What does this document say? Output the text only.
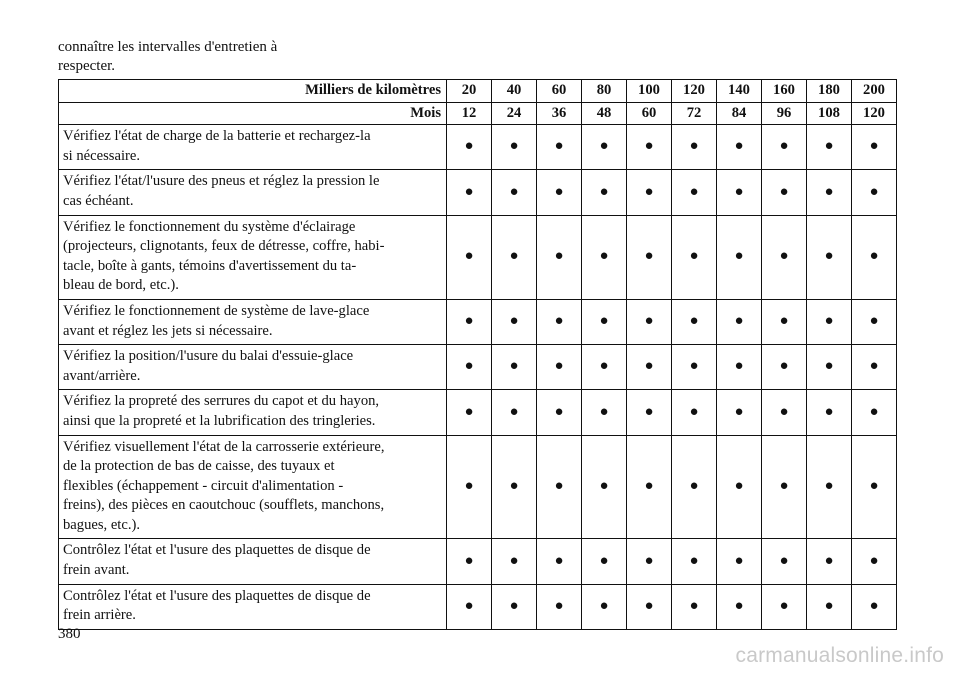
connaître les intervalles d'entretien à
respecter.
Milliers de kilomètres	20	40	60	80	100	120	140	160	180	200
Mois	12	24	36	48	60	72	84	96	108	120

Vérifiez l'état de charge de la batterie et rechargez-la
si nécessaire.	●	●	●	●	●	●	●	●	●	●

Vérifiez l'état/l'usure des pneus et réglez la pression le
cas échéant.	●	●	●	●	●	●	●	●	●	●

Vérifiez le fonctionnement du système d'éclairage
(projecteurs, clignotants, feux de détresse, coffre, habi-
tacle, boîte à gants, témoins d'avertissement du ta-
bleau de bord, etc.).	●	●	●	●	●	●	●	●	●	●

Vérifiez le fonctionnement de système de lave-glace
avant et réglez les jets si nécessaire.	●	●	●	●	●	●	●	●	●	●

Vérifiez la position/l'usure du balai d'essuie-glace
avant/arrière.	●	●	●	●	●	●	●	●	●	●

Vérifiez la propreté des serrures du capot et du hayon,
ainsi que la propreté et la lubrification des tringleries.	●	●	●	●	●	●	●	●	●	●

Vérifiez visuellement l'état de la carrosserie extérieure,
de la protection de bas de caisse, des tuyaux et
flexibles (échappement - circuit d'alimentation -
freins), des pièces en caoutchouc (soufflets, manchons,
bagues, etc.).	●	●	●	●	●	●	●	●	●	●

Contrôlez l'état et l'usure des plaquettes de disque de
frein avant.	●	●	●	●	●	●	●	●	●	●

Contrôlez l'état et l'usure des plaquettes de disque de
frein arrière.	●	●	●	●	●	●	●	●	●	●
380
carmanualsonline.info
